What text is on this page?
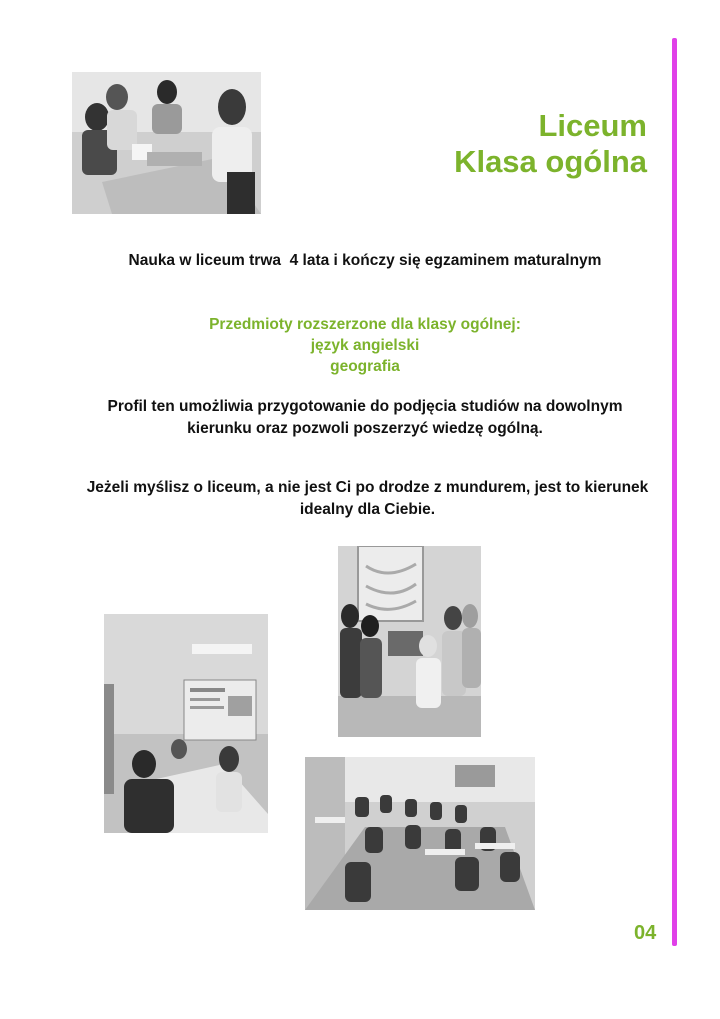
Liceum
Klasa ogólna
Nauka w liceum trwa  4 lata i kończy się egzaminem maturalnym
Przedmioty rozszerzone dla klasy ogólnej:
język angielski
geografia
Profil ten umożliwia przygotowanie do podjęcia studiów na dowolnym
kierunku oraz pozwoli poszerzyć wiedzę ogólną.
Jeżeli myślisz o liceum, a nie jest Ci po drodze z mundurem, jest to kierunek
idealny dla Ciebie.
04
